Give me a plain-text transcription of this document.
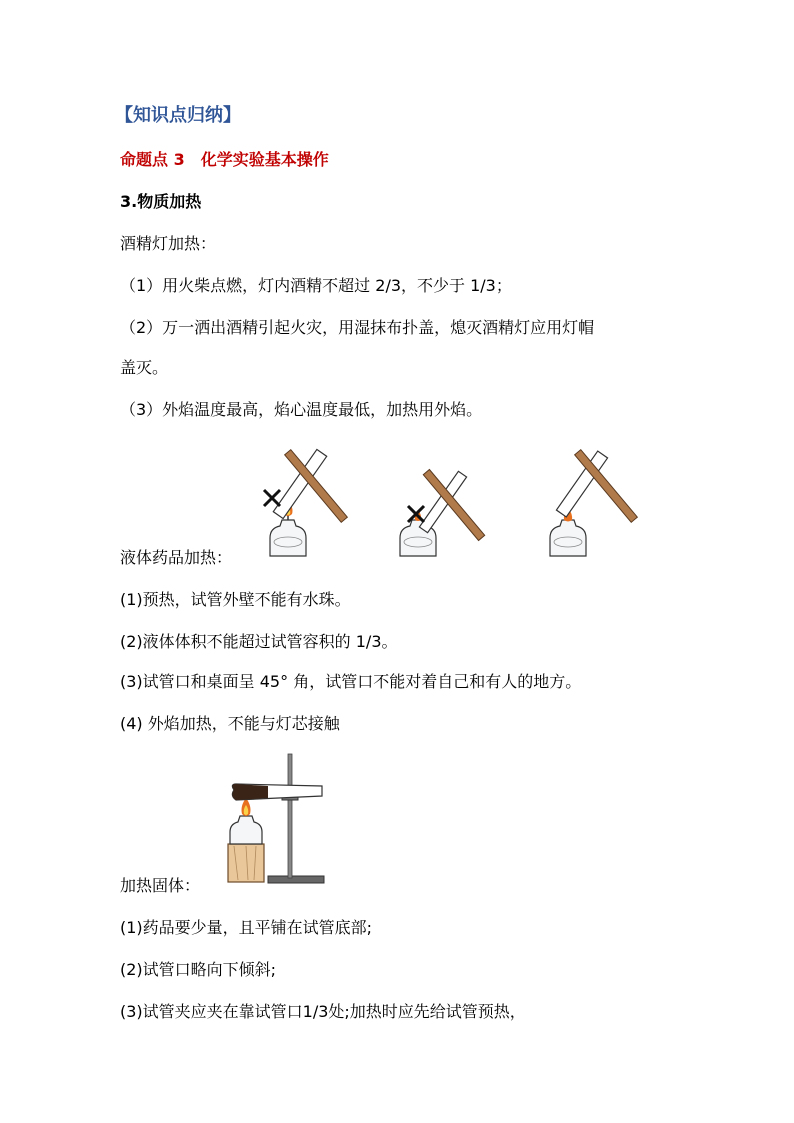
【知识点归纳】
命题点 3　化学实验基本操作
3.物质加热
酒精灯加热：
（1）用火柴点燃，灯内酒精不超过 2/3，不少于 1/3；
（2）万一洒出酒精引起火灾，用湿抹布扑盖，熄灭酒精灯应用灯帽
盖灭。
（3）外焰温度最高，焰心温度最低，加热用外焰。
液体药品加热：
(1)预热，试管外壁不能有水珠。
(2)液体体积不能超过试管容积的 1/3。
(3)试管口和桌面呈 45° 角，试管口不能对着自己和有人的地方。
(4) 外焰加热，不能与灯芯接触
加热固体：
(1)药品要少量，且平铺在试管底部;
(2)试管口略向下倾斜;
(3)试管夹应夹在靠试管口1/3处;加热时应先给试管预热，
